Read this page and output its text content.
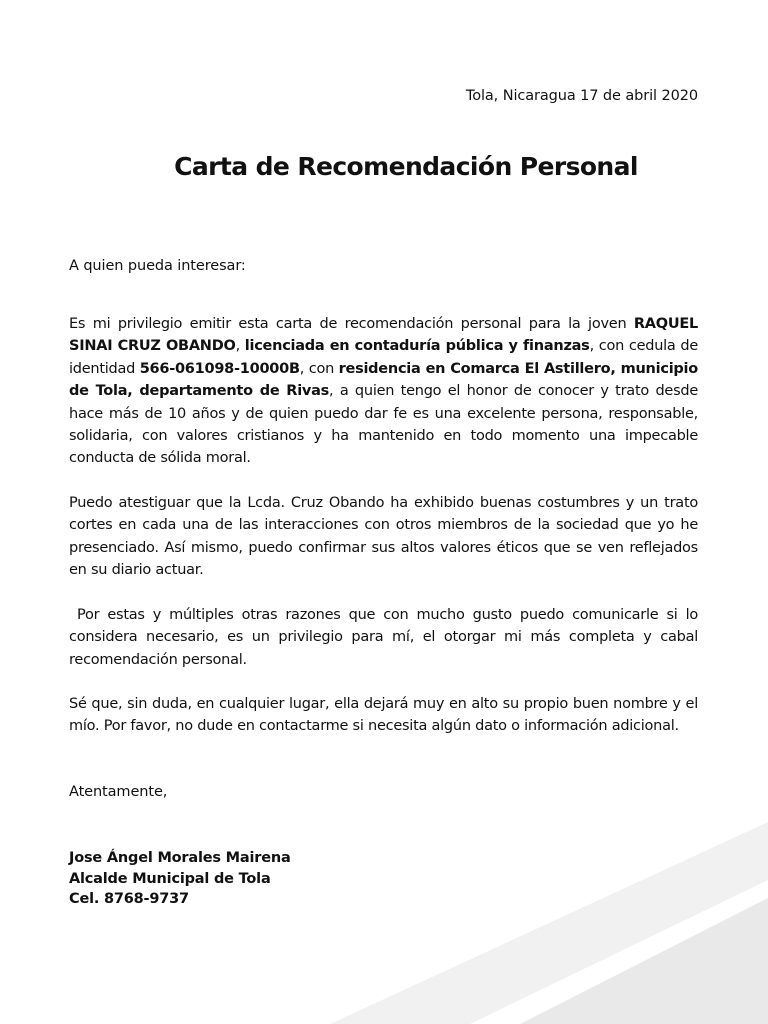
Tola, Nicaragua 17 de abril 2020
Carta de Recomendación Personal
A quien pueda interesar:

Es mi privilegio emitir esta carta de recomendación personal para la joven RAQUEL SINAI CRUZ OBANDO, licenciada en contaduría pública y finanzas, con cedula de identidad 566-061098-10000B, con residencia en Comarca El Astillero, municipio de Tola, departamento de Rivas, a quien tengo el honor de conocer y trato desde hace más de 10 años y de quien puedo dar fe es una excelente persona, responsable, solidaria, con valores cristianos y ha mantenido en todo momento una impecable conducta de sólida moral.

Puedo atestiguar que la Lcda. Cruz Obando ha exhibido buenas costumbres y un trato cortes en cada una de las interacciones con otros miembros de la sociedad que yo he presenciado. Así mismo, puedo confirmar sus altos valores éticos que se ven reflejados en su diario actuar.

Por estas y múltiples otras razones que con mucho gusto puedo comunicarle si lo considera necesario, es un privilegio para mí, el otorgar mi más completa y cabal recomendación personal.

Sé que, sin duda, en cualquier lugar, ella dejará muy en alto su propio buen nombre y el mío. Por favor, no dude en contactarme si necesita algún dato o información adicional.

Atentamente,
Jose Ángel Morales Mairena
Alcalde Municipal de Tola
Cel. 8768-9737
